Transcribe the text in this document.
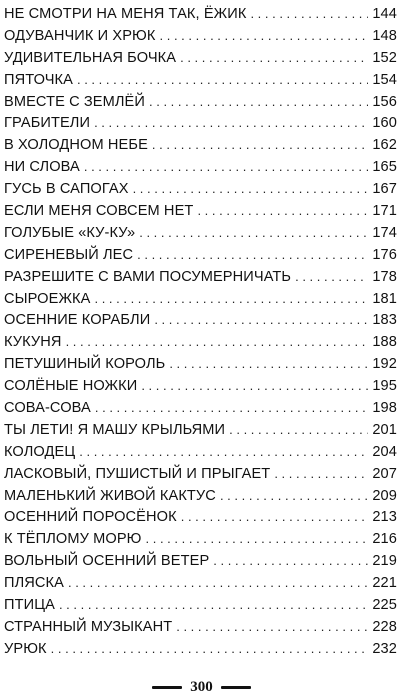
НЕ СМОТРИ НА МЕНЯ ТАК, ЁЖИК . . .	144
ОДУВАНЧИК И ХРЮК . . .	148
УДИВИТЕЛЬНАЯ БОЧКА . . .	152
ПЯТОЧКА . . .	154
ВМЕСТЕ С ЗЕМЛЁЙ . . .	156
ГРАБИТЕЛИ . . .	160
В ХОЛОДНОМ НЕБЕ . . .	162
НИ СЛОВА . . .	165
ГУСЬ В САПОГАХ . . .	167
ЕСЛИ МЕНЯ СОВСЕМ НЕТ . . .	171
ГОЛУБЫЕ «КУ-КУ» . . .	174
СИРЕНЕВЫЙ ЛЕС . . .	176
РАЗРЕШИТЕ С ВАМИ ПОСУМЕРНИЧАТЬ . . .	178
СЫРОЕЖКА . . .	181
ОСЕННИЕ КОРАБЛИ . . .	183
КУКУНЯ . . .	188
ПЕТУШИНЫЙ КОРОЛЬ . . .	192
СОЛЁНЫЕ НОЖКИ . . .	195
СОВА-СОВА . . .	198
ТЫ ЛЕТИ! Я МАШУ КРЫЛЬЯМИ . . .	201
КОЛОДЕЦ . . .	204
ЛАСКОВЫЙ, ПУШИСТЫЙ И ПРЫГАЕТ . . .	207
МАЛЕНЬКИЙ ЖИВОЙ КАКТУС . . .	209
ОСЕННИЙ ПОРОСЁНОК . . .	213
К ТЁПЛОМУ МОРЮ . . .	216
ВОЛЬНЫЙ ОСЕННИЙ ВЕТЕР . . .	219
ПЛЯСКА . . .	221
ПТИЦА . . .	225
СТРАННЫЙ МУЗЫКАНТ . . .	228
УРЮК . . .	232
300
